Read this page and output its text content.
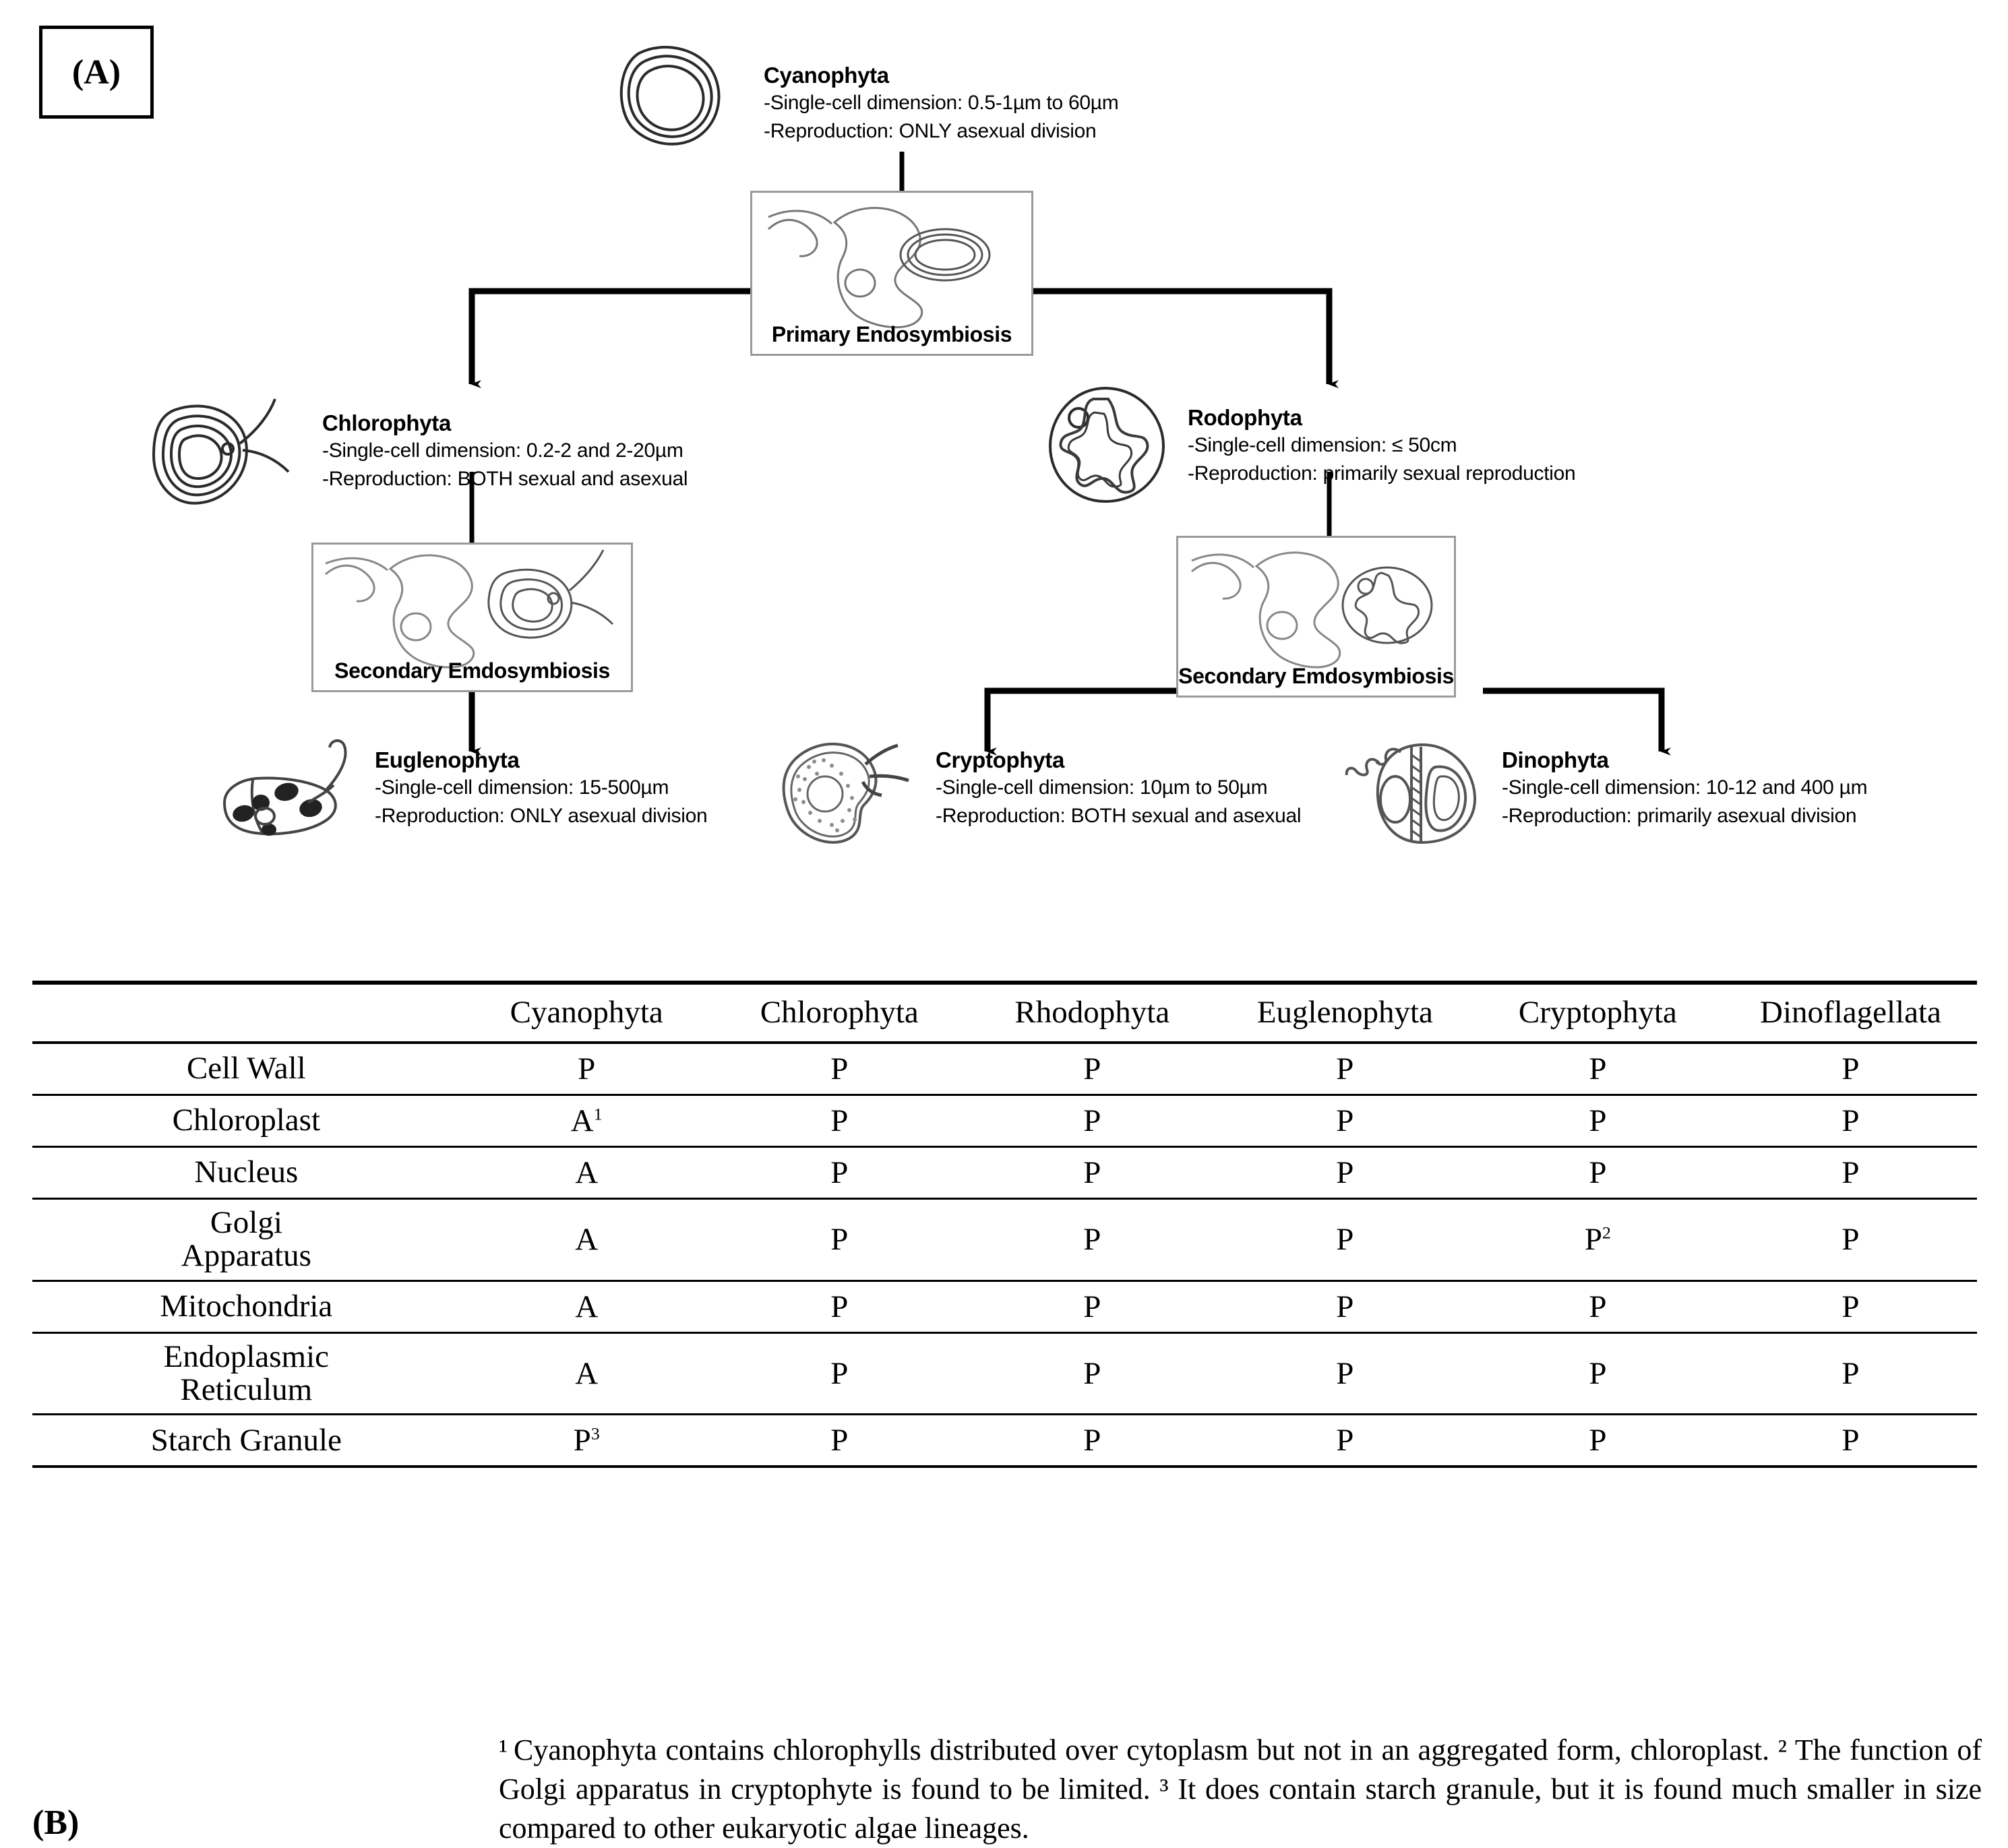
(A)	Cyanophyta
-Single-cell dimension: 0.5-1µm to 60µm
-Reproduction: ONLY asexual division
Primary Endosymbiosis
Chlorophyta
-Single-cell dimension: 0.2-2 and 2-20µm
-Reproduction: BOTH sexual and asexual
Rodophyta
-Single-cell dimension: ≤ 50cm
-Reproduction: primarily sexual reproduction
Secondary Emdosymbiosis	Secondary Emdosymbiosis
Euglenophyta
-Single-cell dimension: 15-500µm
-Reproduction: ONLY asexual division
Cryptophyta
-Single-cell dimension: 10µm to 50µm
-Reproduction: BOTH sexual and asexual
Dinophyta
-Single-cell dimension: 10-12 and 400 µm
-Reproduction: primarily asexual division
(B)
	Cyanophyta	Chlorophyta	Rhodophyta	Euglenophyta	Cryptophyta	Dinoflagellata

Cell Wall	P	P	P	P	P	P

Chloroplast	$A^1$	P	P	P	P	P

Nucleus	A	P	P	P	P	P

Golgi
Apparatus	A	P	P	P	$P^2$	P

Mitochondria	A	P	P	P	P	P

Endoplasmic
Reticulum	A	P	P	P	P	P

Starch Granule	$P^3$	P	P	P	P	P
¹ Cyanophyta contains chlorophylls distributed over cytoplasm but not in an aggregated form, chloroplast. ² The function of Golgi apparatus in cryptophyte is found to be limited. ³ It does contain starch granule, but it is found much smaller in size compared to other eukaryotic algae lineages.
